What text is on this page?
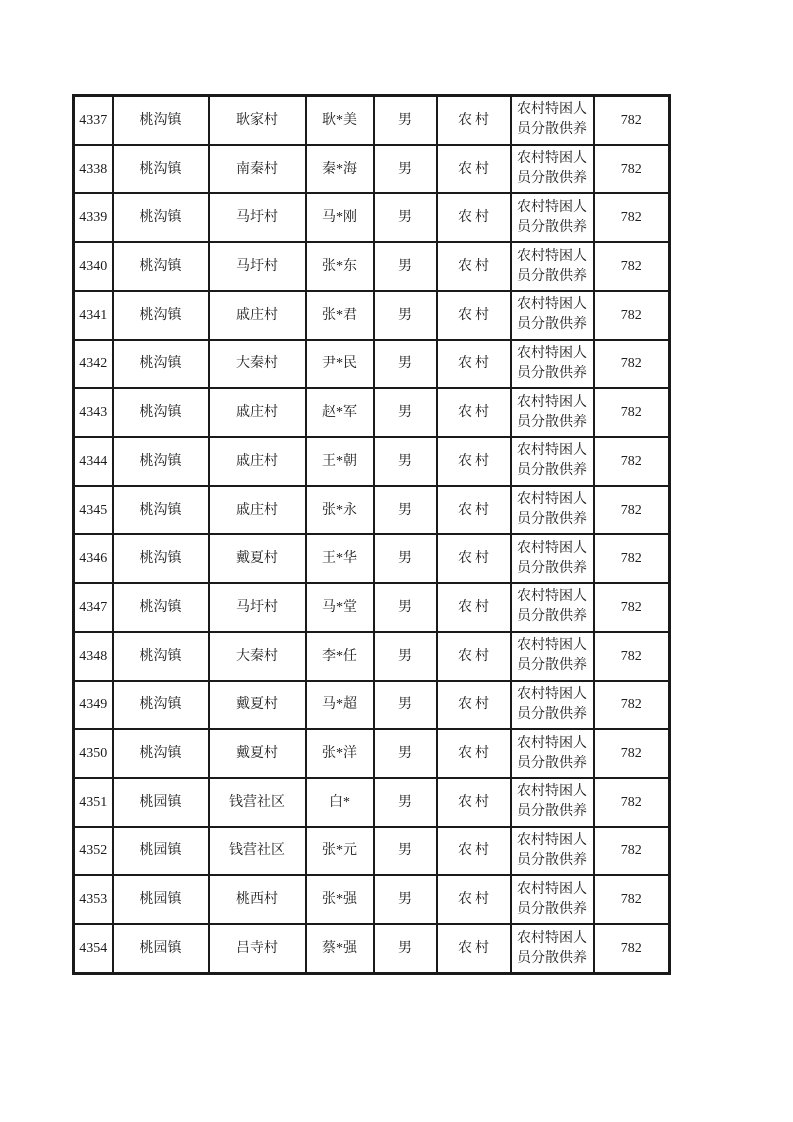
4337	桃沟镇	耿家村	耿*美	男	农村	农村特困人员分散供养	782
4338	桃沟镇	南秦村	秦*海	男	农村	农村特困人员分散供养	782
4339	桃沟镇	马圩村	马*刚	男	农村	农村特困人员分散供养	782
4340	桃沟镇	马圩村	张*东	男	农村	农村特困人员分散供养	782
4341	桃沟镇	戚庄村	张*君	男	农村	农村特困人员分散供养	782
4342	桃沟镇	大秦村	尹*民	男	农村	农村特困人员分散供养	782
4343	桃沟镇	戚庄村	赵*军	男	农村	农村特困人员分散供养	782
4344	桃沟镇	戚庄村	王*朝	男	农村	农村特困人员分散供养	782
4345	桃沟镇	戚庄村	张*永	男	农村	农村特困人员分散供养	782
4346	桃沟镇	戴夏村	王*华	男	农村	农村特困人员分散供养	782
4347	桃沟镇	马圩村	马*堂	男	农村	农村特困人员分散供养	782
4348	桃沟镇	大秦村	李*任	男	农村	农村特困人员分散供养	782
4349	桃沟镇	戴夏村	马*超	男	农村	农村特困人员分散供养	782
4350	桃沟镇	戴夏村	张*洋	男	农村	农村特困人员分散供养	782
4351	桃园镇	钱营社区	白*	男	农村	农村特困人员分散供养	782
4352	桃园镇	钱营社区	张*元	男	农村	农村特困人员分散供养	782
4353	桃园镇	桃西村	张*强	男	农村	农村特困人员分散供养	782
4354	桃园镇	吕寺村	蔡*强	男	农村	农村特困人员分散供养	782
